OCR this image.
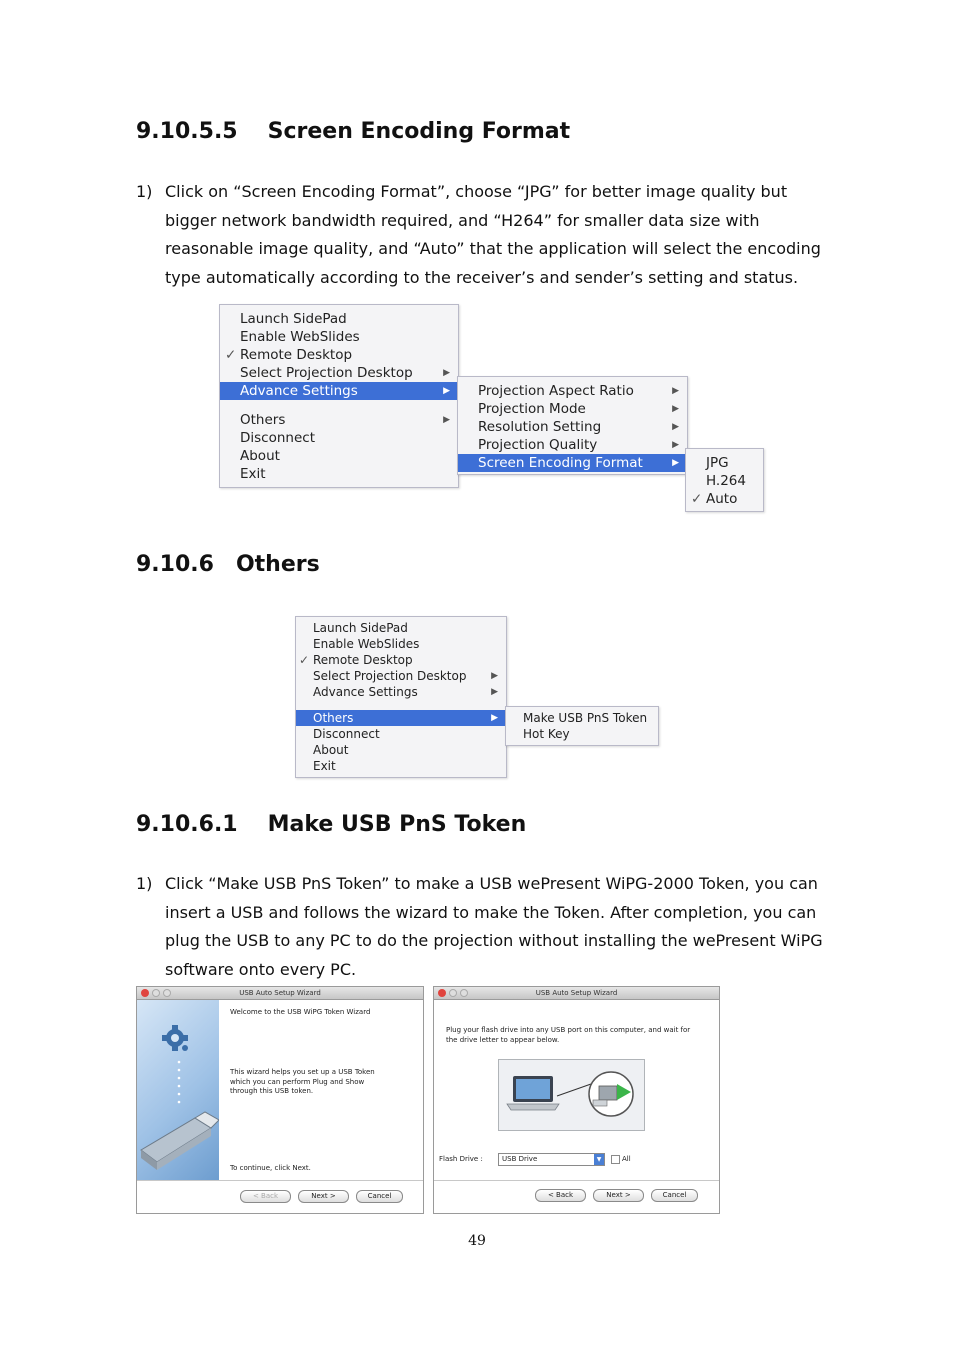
9.10.5.5 Screen Encoding Format
1) Click on “Screen Encoding Format”, choose “JPG” for better image quality but
bigger network bandwidth required, and “H264” for smaller data size with
reasonable image quality, and “Auto” that the application will select the encoding
type automatically according to the receiver’s and sender’s setting and status.
Launch SidePad
Enable WebSlides
✓ Remote Desktop
Select Projection Desktop	▶
Advance Settings	▶
Others	▶
Disconnect
About
Exit
Projection Aspect Ratio	▶
Projection Mode	▶
Resolution Setting	▶
Projection Quality	▶
Screen Encoding Format	▶	JPG
H.264
✓ Auto
9.10.6 Others
Launch SidePad
Enable WebSlides
✓ Remote Desktop
Select Projection Desktop	▶
Advance Settings	▶
Others	▶
Disconnect
About
Exit
Make USB PnS Token
Hot Key
9.10.6.1 Make USB PnS Token
1) Click “Make USB PnS Token” to make a USB wePresent WiPG-2000 Token, you can
insert a USB and follows the wizard to make the Token. After completion, you can
plug the USB to any PC to do the projection without installing the wePresent WiPG
software onto every PC.
USB Auto Setup Wizard
Welcome to the USB WiPG Token Wizard
This wizard helps you set up a USB Token
which you can perform Plug and Show
through this USB token.
To continue, click Next.
< Back	Next >	Cancel
USB Auto Setup Wizard
Plug your flash drive into any USB port on this computer, and wait for
the drive letter to appear below.
Flash Drive :	USB Drive	▼	All
< Back	Next >	Cancel
49
